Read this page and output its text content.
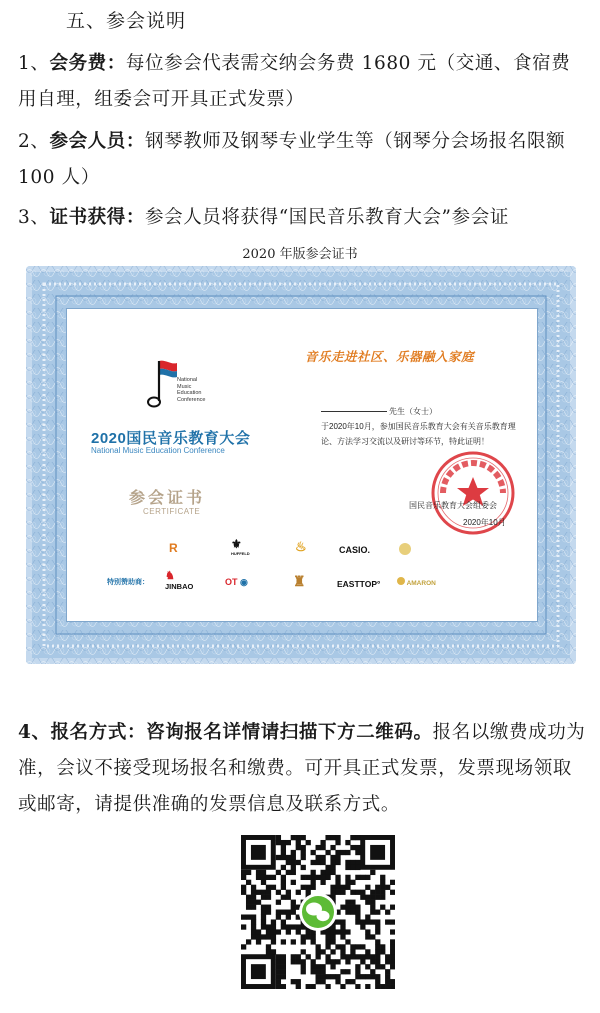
五、参会说明
1、会务费：每位参会代表需交纳会务费 1680 元（交通、食宿费用自理，组委会可开具正式发票）
2、参会人员：钢琴教师及钢琴专业学生等（钢琴分会场报名限额 100 人）
3、证书获得：参会人员将获得“国民音乐教育大会”参会证
2020 年版参会证书
音乐走进社区、乐器融入家庭
National
Music
Education
Conference
2020国民音乐教育大会
National Music Education Conference
参会证书
CERTIFICATE
先生（女士）
于2020年10月，参加国民音乐教育大会有关音乐教育理论、方法学习交流以及研讨等环节，特此证明！
国民音乐教育大会组委会
2020年10月
特别赞助商：
R	⚜
HUFFELD	♨	CASIO.
♞
JINBAO	OT ◉	♜	EASTTOP°	AMARON
4、报名方式：咨询报名详情请扫描下方二维码。报名以缴费成功为准，会议不接受现场报名和缴费。可开具正式发票，发票现场领取或邮寄，请提供准确的发票信息及联系方式。
